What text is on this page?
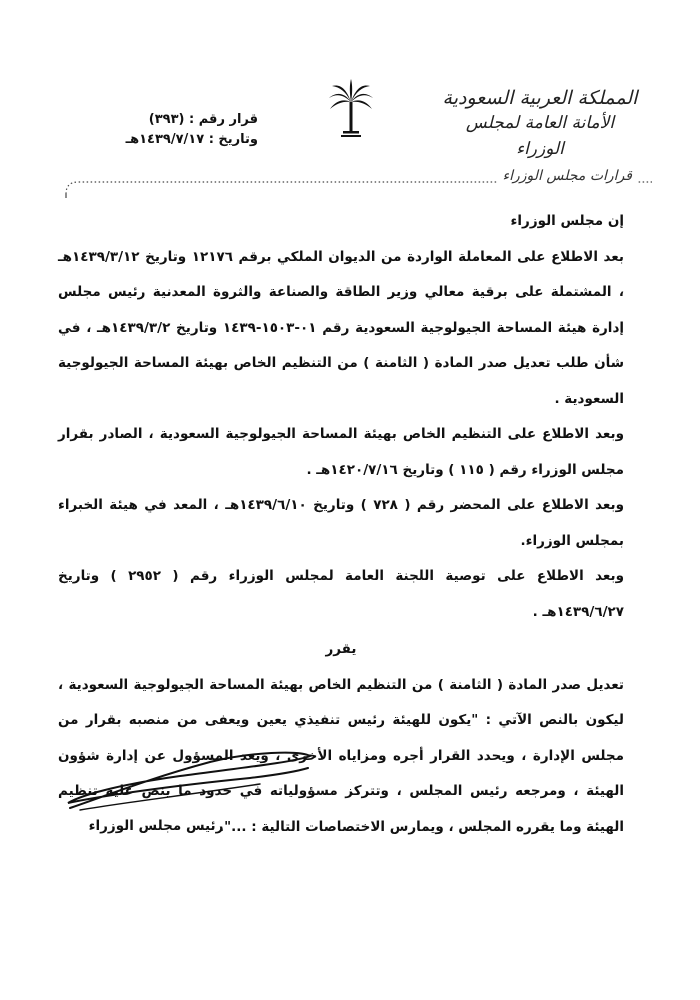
المملكة العربية السعودية
الأمانة العامة لمجلس الوزراء
قرار رقم : (٣٩٣)
وتاريخ : ١٤٣٩/٧/١٧هـ
قرارات مجلس الوزراء

إن مجلس الوزراء

بعد الاطلاع على المعاملة الواردة من الديوان الملكي برقم ١٢١٧٦ وتاريخ ١٤٣٩/٣/١٢هـ ، المشتملة على برقية معالي وزير الطاقة والصناعة والثروة المعدنية رئيس مجلس إدارة هيئة المساحة الجيولوجية السعودية رقم ٠١-١٥٠٣-١٤٣٩ وتاريخ ١٤٣٩/٣/٢هـ ، في شأن طلب تعديل صدر المادة ( الثامنة ) من التنظيم الخاص بهيئة المساحة الجيولوجية السعودية .

وبعد الاطلاع على التنظيم الخاص بهيئة المساحة الجيولوجية السعودية ، الصادر بقرار مجلس الوزراء رقم ( ١١٥ ) وتاريخ ١٤٢٠/٧/١٦هـ .

وبعد الاطلاع على المحضر رقم ( ٧٢٨ ) وتاريخ ١٤٣٩/٦/١٠هـ ، المعد في هيئة الخبراء بمجلس الوزراء.

وبعد الاطلاع على توصية اللجنة العامة لمجلس الوزراء رقم ( ٢٩٥٢ ) وتاريخ ١٤٣٩/٦/٢٧هـ .

يقرر

تعديل صدر المادة ( الثامنة ) من التنظيم الخاص بهيئة المساحة الجيولوجية السعودية ، ليكون بالنص الآتي : "يكون للهيئة رئيس تنفيذي يعين ويعفى من منصبه بقرار من مجلس الإدارة ، ويحدد القرار أجره ومزاياه الأخرى ، ويعد المسؤول عن إدارة شؤون الهيئة ، ومرجعه رئيس المجلس ، وتتركز مسؤولياته في حدود ما ينص عليه تنظيم الهيئة وما يقرره المجلس ، ويمارس الاختصاصات التالية : ...".

رئيس مجلس الوزراء
